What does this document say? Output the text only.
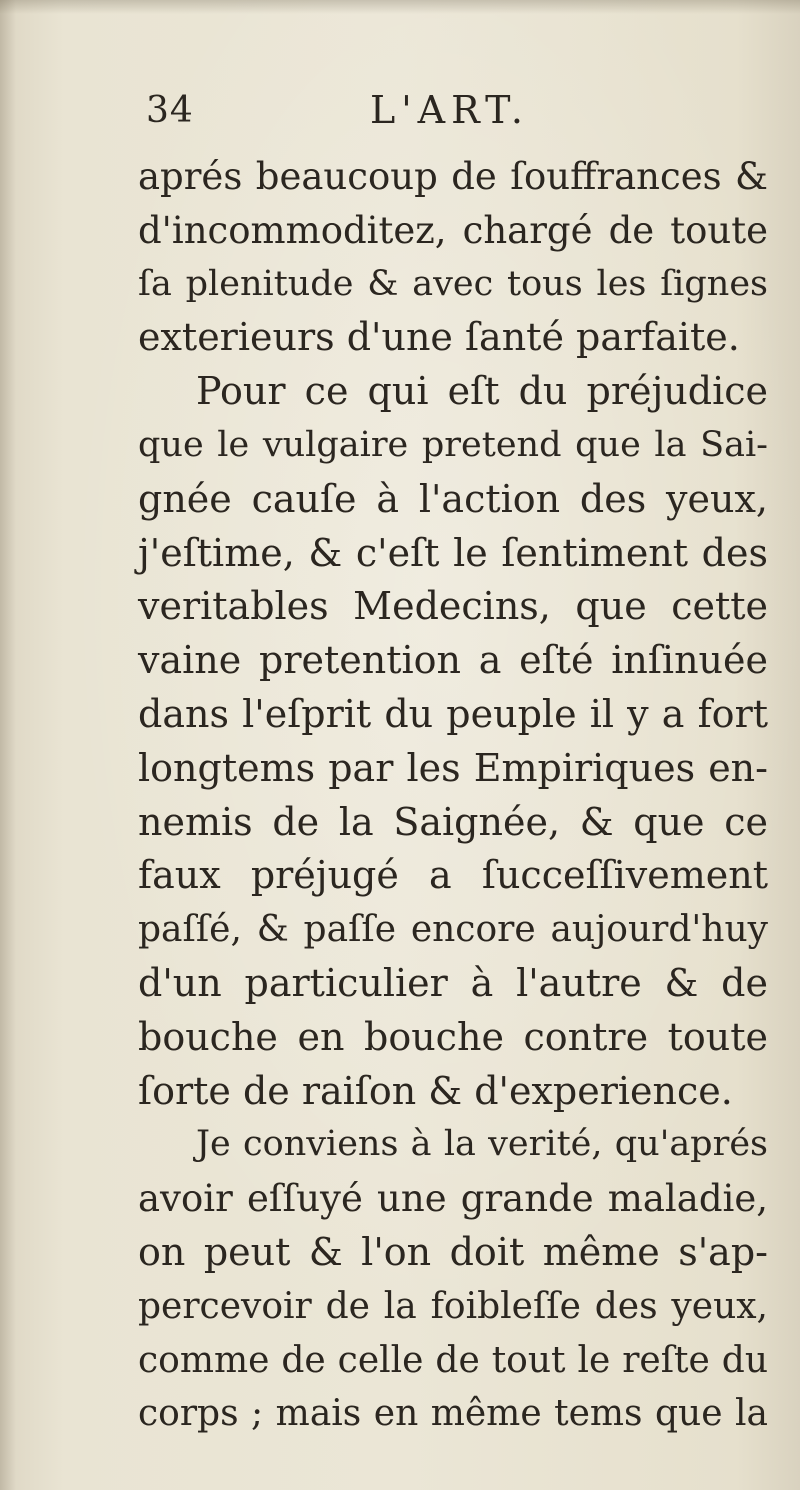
34	L'ART.
aprés beaucoup de ſouffrances &
d'incommoditez, chargé de toute
ſa plenitude & avec tous les ſignes
exterieurs d'une ſanté parfaite.
Pour ce qui eſt du préjudice
que le vulgaire pretend que la Sai-
gnée cauſe à l'action des yeux,
j'eſtime, & c'eſt le ſentiment des
veritables Medecins, que cette
vaine pretention a eſté inſinuée
dans l'eſprit du peuple il y a fort
longtems par les Empiriques en-
nemis de la Saignée, & que ce
faux préjugé a ſucceſſivement
paſſé, & paſſe encore aujourd'huy
d'un particulier à l'autre & de
bouche en bouche contre toute
ſorte de raiſon & d'experience.
Je conviens à la verité, qu'aprés
avoir eſſuyé une grande maladie,
on peut & l'on doit même s'ap-
percevoir de la foibleſſe des yeux,
comme de celle de tout le reſte du
corps ; mais en même tems que la
